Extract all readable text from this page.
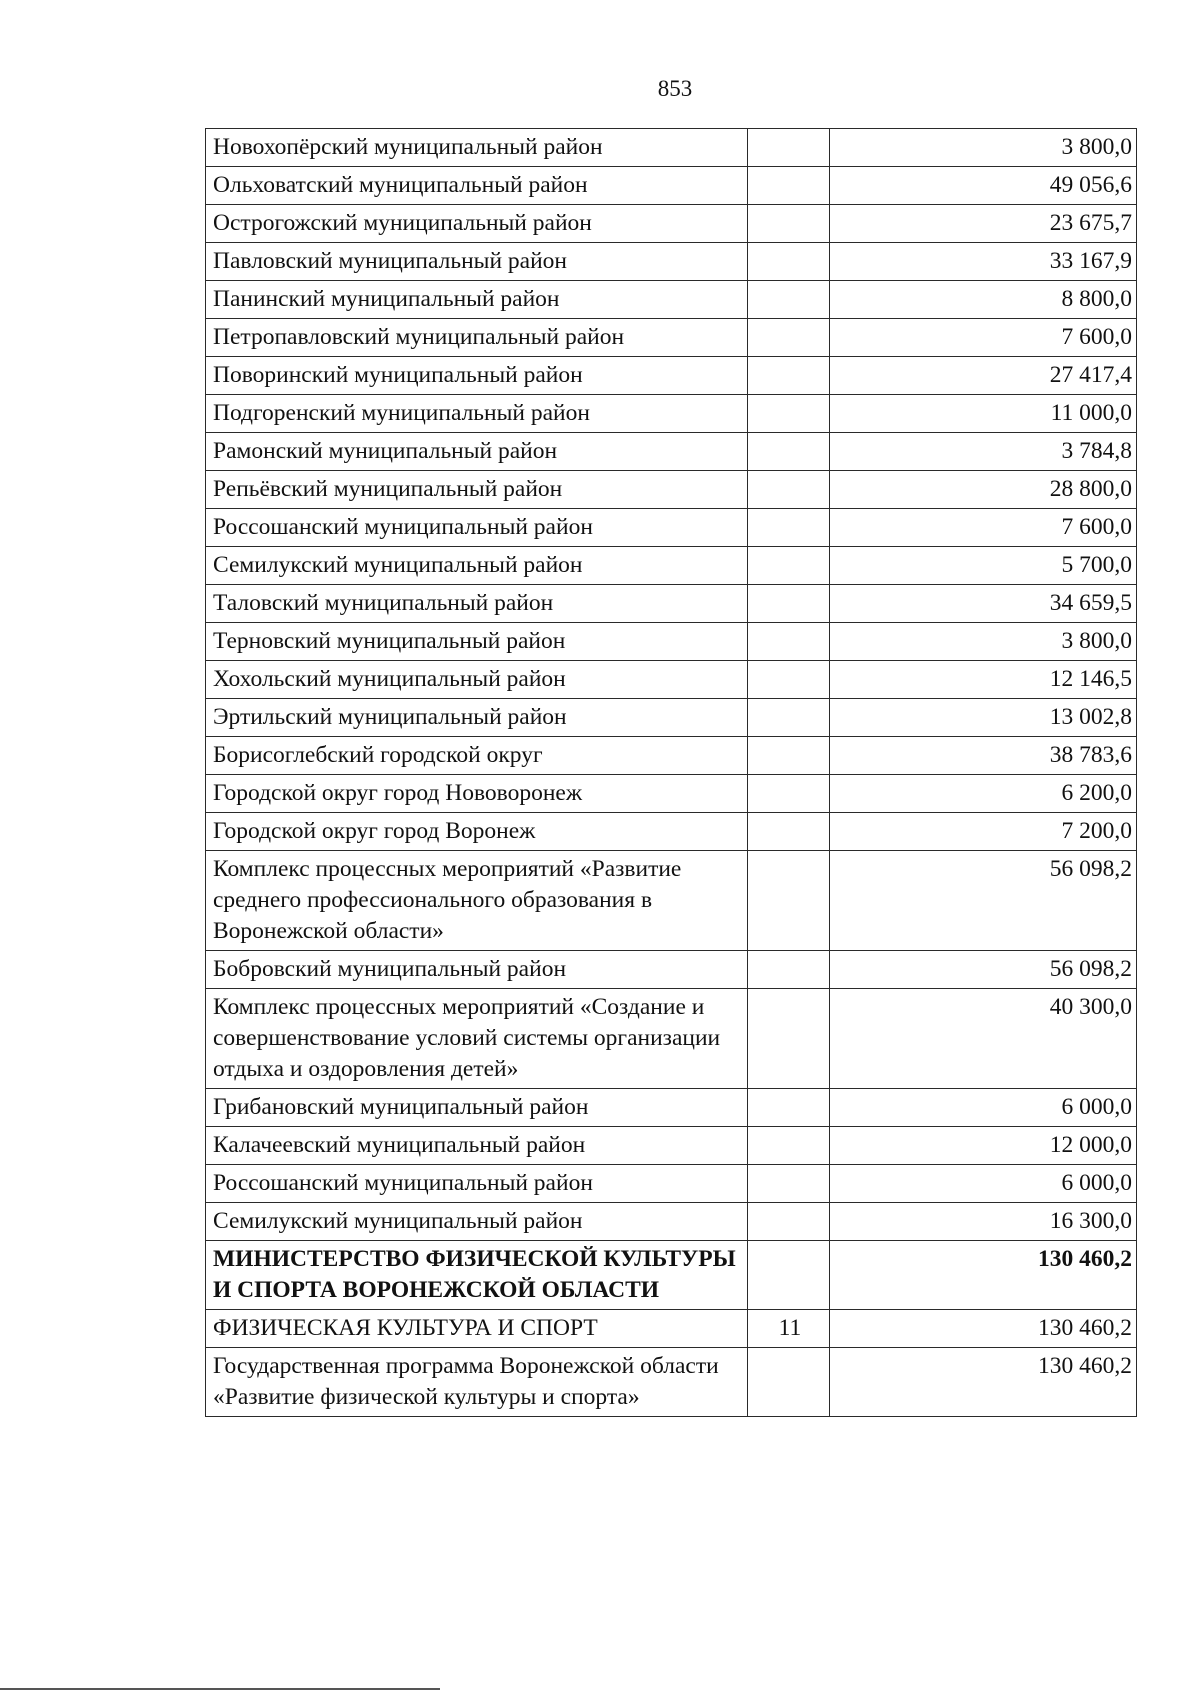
853
Новохопёрский муниципальный район		3 800,0
Ольховатский муниципальный район		49 056,6
Острогожский муниципальный район		23 675,7
Павловский муниципальный район		33 167,9
Панинский муниципальный район		8 800,0
Петропавловский муниципальный район		7 600,0
Поворинский муниципальный район		27 417,4
Подгоренский муниципальный район		11 000,0
Рамонский муниципальный район		3 784,8
Репьёвский муниципальный район		28 800,0
Россошанский муниципальный район		7 600,0
Семилукский муниципальный район		5 700,0
Таловский муниципальный район		34 659,5
Терновский муниципальный район		3 800,0
Хохольский муниципальный район		12 146,5
Эртильский муниципальный район		13 002,8
Борисоглебский городской округ		38 783,6
Городской округ город Нововоронеж		6 200,0
Городской округ город Воронеж		7 200,0
Комплекс процессных мероприятий «Развитие среднего профессионального образования в Воронежской области»		56 098,2
Бобровский муниципальный район		56 098,2
Комплекс процессных мероприятий «Создание и совершенствование условий системы организации отдыха и оздоровления детей»		40 300,0
Грибановский муниципальный район		6 000,0
Калачеевский муниципальный район		12 000,0
Россошанский муниципальный район		6 000,0
Семилукский муниципальный район		16 300,0
МИНИСТЕРСТВО ФИЗИЧЕСКОЙ КУЛЬТУРЫ И СПОРТА ВОРОНЕЖСКОЙ ОБЛАСТИ		130 460,2
ФИЗИЧЕСКАЯ КУЛЬТУРА И СПОРТ	11	130 460,2
Государственная программа Воронежской области «Развитие физической культуры и спорта»		130 460,2
